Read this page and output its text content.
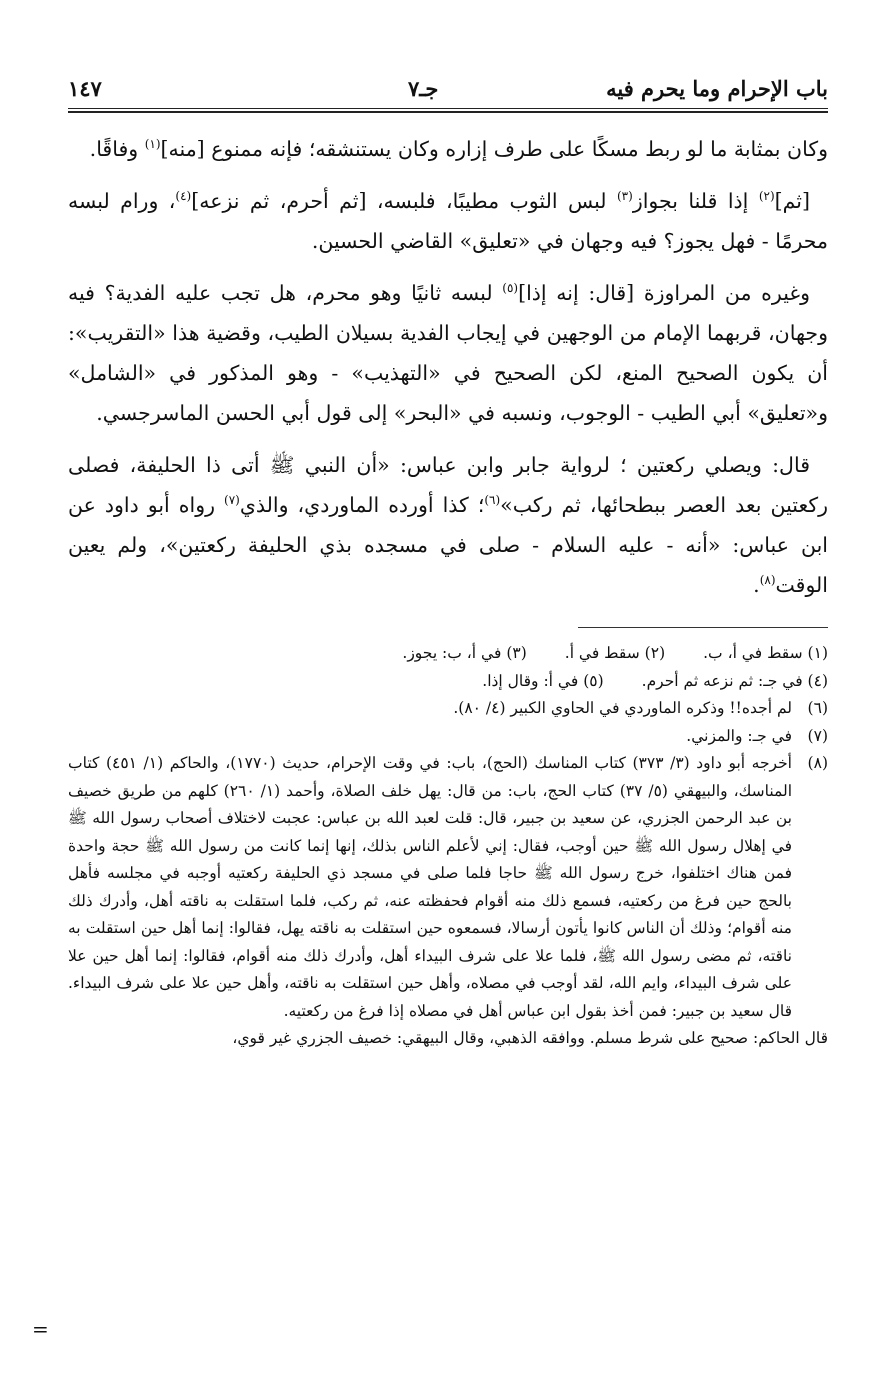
باب الإحرام وما يحرم فيه
جـ٧
١٤٧

وكان بمثابة ما لو ربط مسكًا على طرف إزاره وكان يستنشقه؛ فإنه ممنوع [منه]$^{(١)}$ وفاقًا.

[ثم]$^{(٢)}$ إذا قلنا بجواز$^{(٣)}$ لبس الثوب مطيبًا، فلبسه، [ثم أحرم، ثم نزعه]$^{(٤)}$، ورام لبسه محرمًا - فهل يجوز؟ فيه وجهان في «تعليق» القاضي الحسين.

وغيره من المراوزة [قال: إنه إذا]$^{(٥)}$ لبسه ثانيًا وهو محرم، هل تجب عليه الفدية؟ فيه وجهان، قربهما الإمام من الوجهين في إيجاب الفدية بسيلان الطيب، وقضية هذا «التقريب»: أن يكون الصحيح المنع، لكن الصحيح في «التهذيب» - وهو المذكور في «الشامل» و«تعليق» أبي الطيب - الوجوب، ونسبه في «البحر» إلى قول أبي الحسن الماسرجسي.

قال: ويصلي ركعتين ؛ لرواية جابر وابن عباس: «أن النبي ﷺ أتى ذا الحليفة، فصلى ركعتين بعد العصر ببطحائها، ثم ركب»$^{(٦)}$؛ كذا أورده الماوردي، والذي$^{(٧)}$ رواه أبو داود عن ابن عباس: «أنه - عليه السلام - صلى في مسجده بذي الحليفة ركعتين»، ولم يعين الوقت$^{(٨)}$.

(١) سقط في أ، ب.
(٢) سقط في أ.
(٣) في أ، ب: يجوز.
(٤) في جـ: ثم نزعه ثم أحرم.
(٥) في أ: وقال إذا.
(٦)
لم أجده!! وذكره الماوردي في الحاوي الكبير (٤/ ٨٠).
(٧)
في جـ: والمزني.
(٨)
أخرجه أبو داود (٣/ ٣٧٣) كتاب المناسك (الحج)، باب: في وقت الإحرام، حديث (١٧٧٠)، والحاكم (١/ ٤٥١) كتاب المناسك، والبيهقي (٥/ ٣٧) كتاب الحج، باب: من قال: يهل خلف الصلاة، وأحمد (١/ ٢٦٠) كلهم من طريق خصيف بن عبد الرحمن الجزري، عن سعيد بن جبير، قال: قلت لعبد الله بن عباس: عجبت لاختلاف أصحاب رسول الله ﷺ في إهلال رسول الله ﷺ حين أوجب، فقال: إني لأعلم الناس بذلك، إنها إنما كانت من رسول الله ﷺ حجة واحدة فمن هناك اختلفوا، خرج رسول الله ﷺ حاجا فلما صلى في مسجد ذي الحليفة ركعتيه أوجبه في مجلسه فأهل بالحج حين فرغ من ركعتيه، فسمع ذلك منه أقوام فحفظته عنه، ثم ركب، فلما استقلت به ناقته أهل، وأدرك ذلك منه أقوام؛ وذلك أن الناس كانوا يأتون أرسالا، فسمعوه حين استقلت به ناقته يهل، فقالوا: إنما أهل حين استقلت به ناقته، ثم مضى رسول الله ﷺ، فلما علا على شرف البيداء أهل، وأدرك ذلك منه أقوام، فقالوا: إنما أهل حين علا على شرف البيداء، وايم الله، لقد أوجب في مصلاه، وأهل حين استقلت به ناقته، وأهل حين علا على شرف البيداء. قال سعيد بن جبير: فمن أخذ بقول ابن عباس أهل في مصلاه إذا فرغ من ركعتيه.
قال الحاكم: صحيح على شرط مسلم. ووافقه الذهبي، وقال البيهقي: خصيف الجزري غير قوي،
=
